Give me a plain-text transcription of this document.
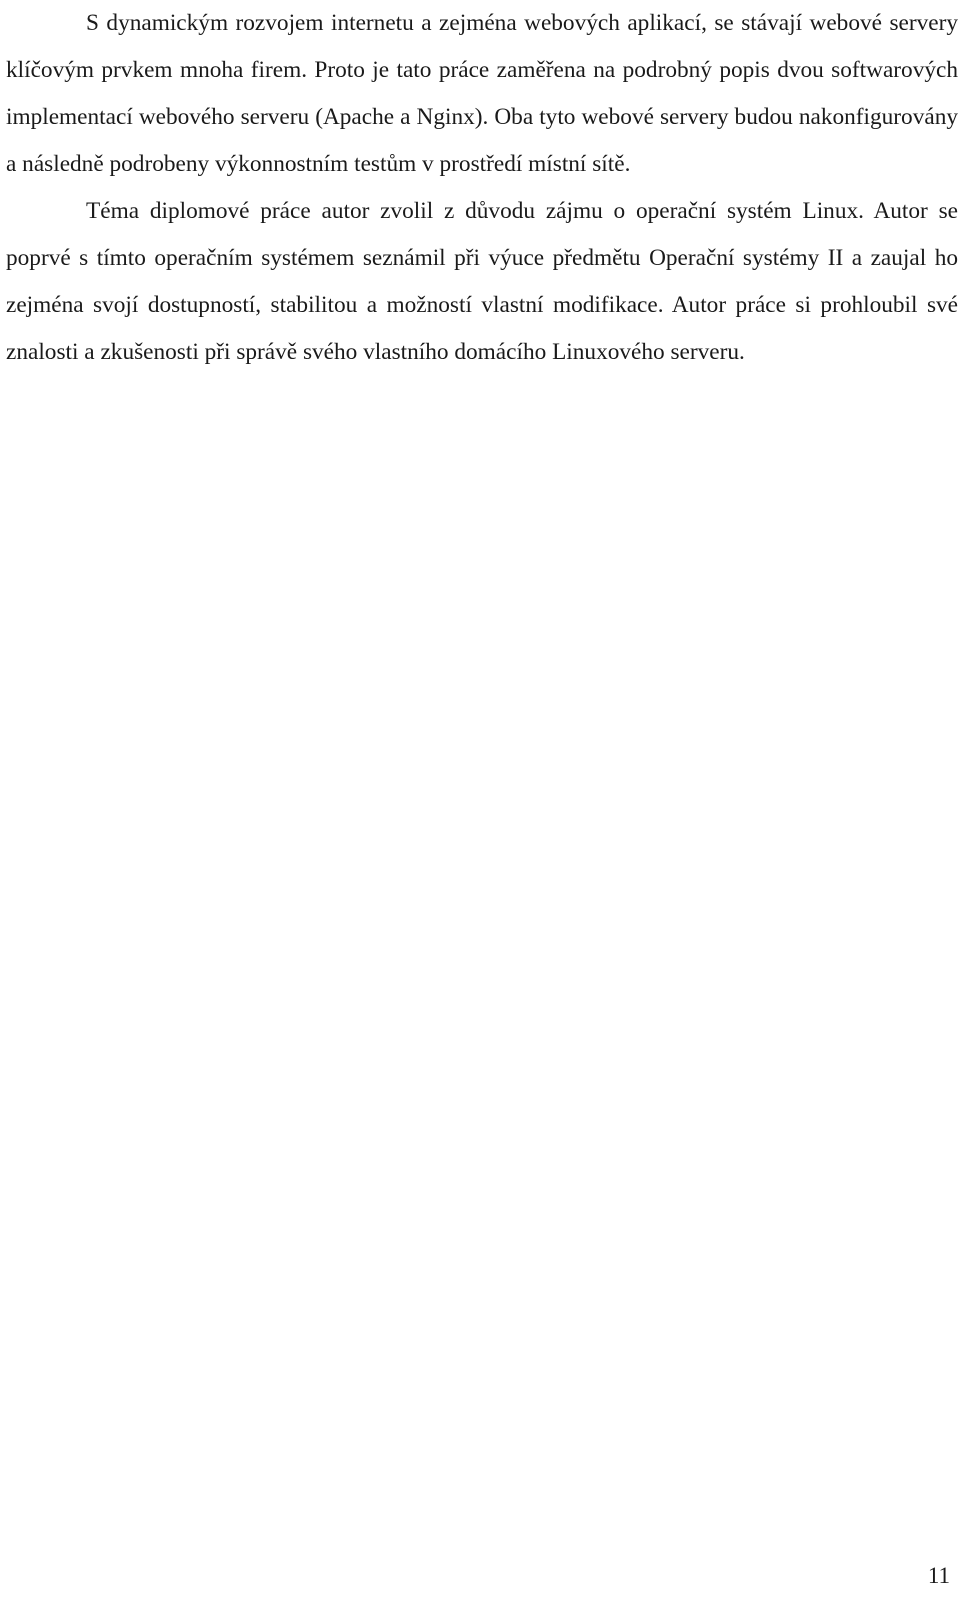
S dynamickým rozvojem internetu a zejména webových aplikací, se stávají webové servery klíčovým prvkem mnoha firem. Proto je tato práce zaměřena na podrobný popis dvou softwarových implementací webového serveru (Apache a Nginx). Oba tyto webové servery budou nakonfigurovány a následně podrobeny výkonnostním testům v prostředí místní sítě.

Téma diplomové práce autor zvolil z důvodu zájmu o operační systém Linux. Autor se poprvé s tímto operačním systémem seznámil při výuce předmětu Operační systémy II a zaujal ho zejména svojí dostupností, stabilitou a možností vlastní modifikace. Autor práce si prohloubil své znalosti a zkušenosti při správě svého vlastního domácího Linuxového serveru.

11
